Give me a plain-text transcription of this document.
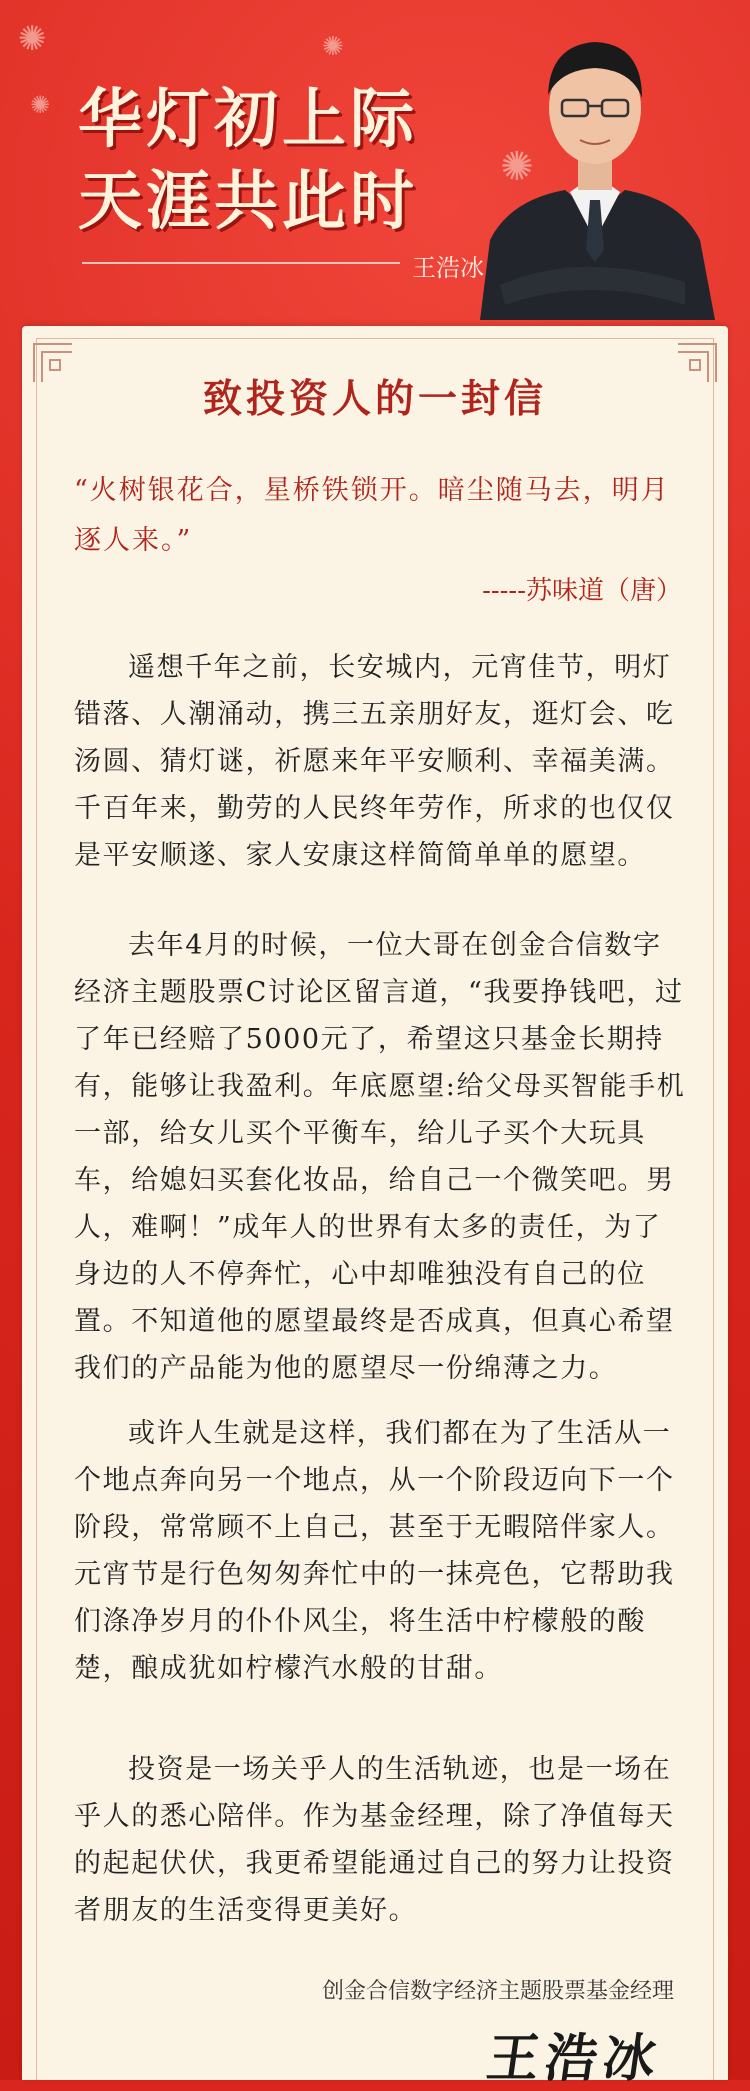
✺
✺
✺
✺
华灯初上际
天涯共此时
王浩冰
致投资人的一封信
“火树银花合，星桥铁锁开。暗尘随马去，明月逐人来。”
-----苏味道（唐）
遥想千年之前，长安城内，元宵佳节，明灯错落、人潮涌动，携三五亲朋好友，逛灯会、吃汤圆、猜灯谜，祈愿来年平安顺利、幸福美满。千百年来，勤劳的人民终年劳作，所求的也仅仅是平安顺遂、家人安康这样简简单单的愿望。
去年4月的时候，一位大哥在创金合信数字经济主题股票C讨论区留言道，“我要挣钱吧，过了年已经赔了5000元了，希望这只基金长期持有，能够让我盈利。年底愿望:给父母买智能手机一部，给女儿买个平衡车，给儿子买个大玩具车，给媳妇买套化妆品，给自己一个微笑吧。男人，难啊！”成年人的世界有太多的责任，为了身边的人不停奔忙，心中却唯独没有自己的位置。不知道他的愿望最终是否成真，但真心希望我们的产品能为他的愿望尽一份绵薄之力。
或许人生就是这样，我们都在为了生活从一个地点奔向另一个地点，从一个阶段迈向下一个阶段，常常顾不上自己，甚至于无暇陪伴家人。元宵节是行色匆匆奔忙中的一抹亮色，它帮助我们涤净岁月的仆仆风尘，将生活中柠檬般的酸楚，酿成犹如柠檬汽水般的甘甜。
投资是一场关乎人的生活轨迹，也是一场在乎人的悉心陪伴。作为基金经理，除了净值每天的起起伏伏，我更希望能通过自己的努力让投资者朋友的生活变得更美好。
创金合信数字经济主题股票基金经理
王浩冰
